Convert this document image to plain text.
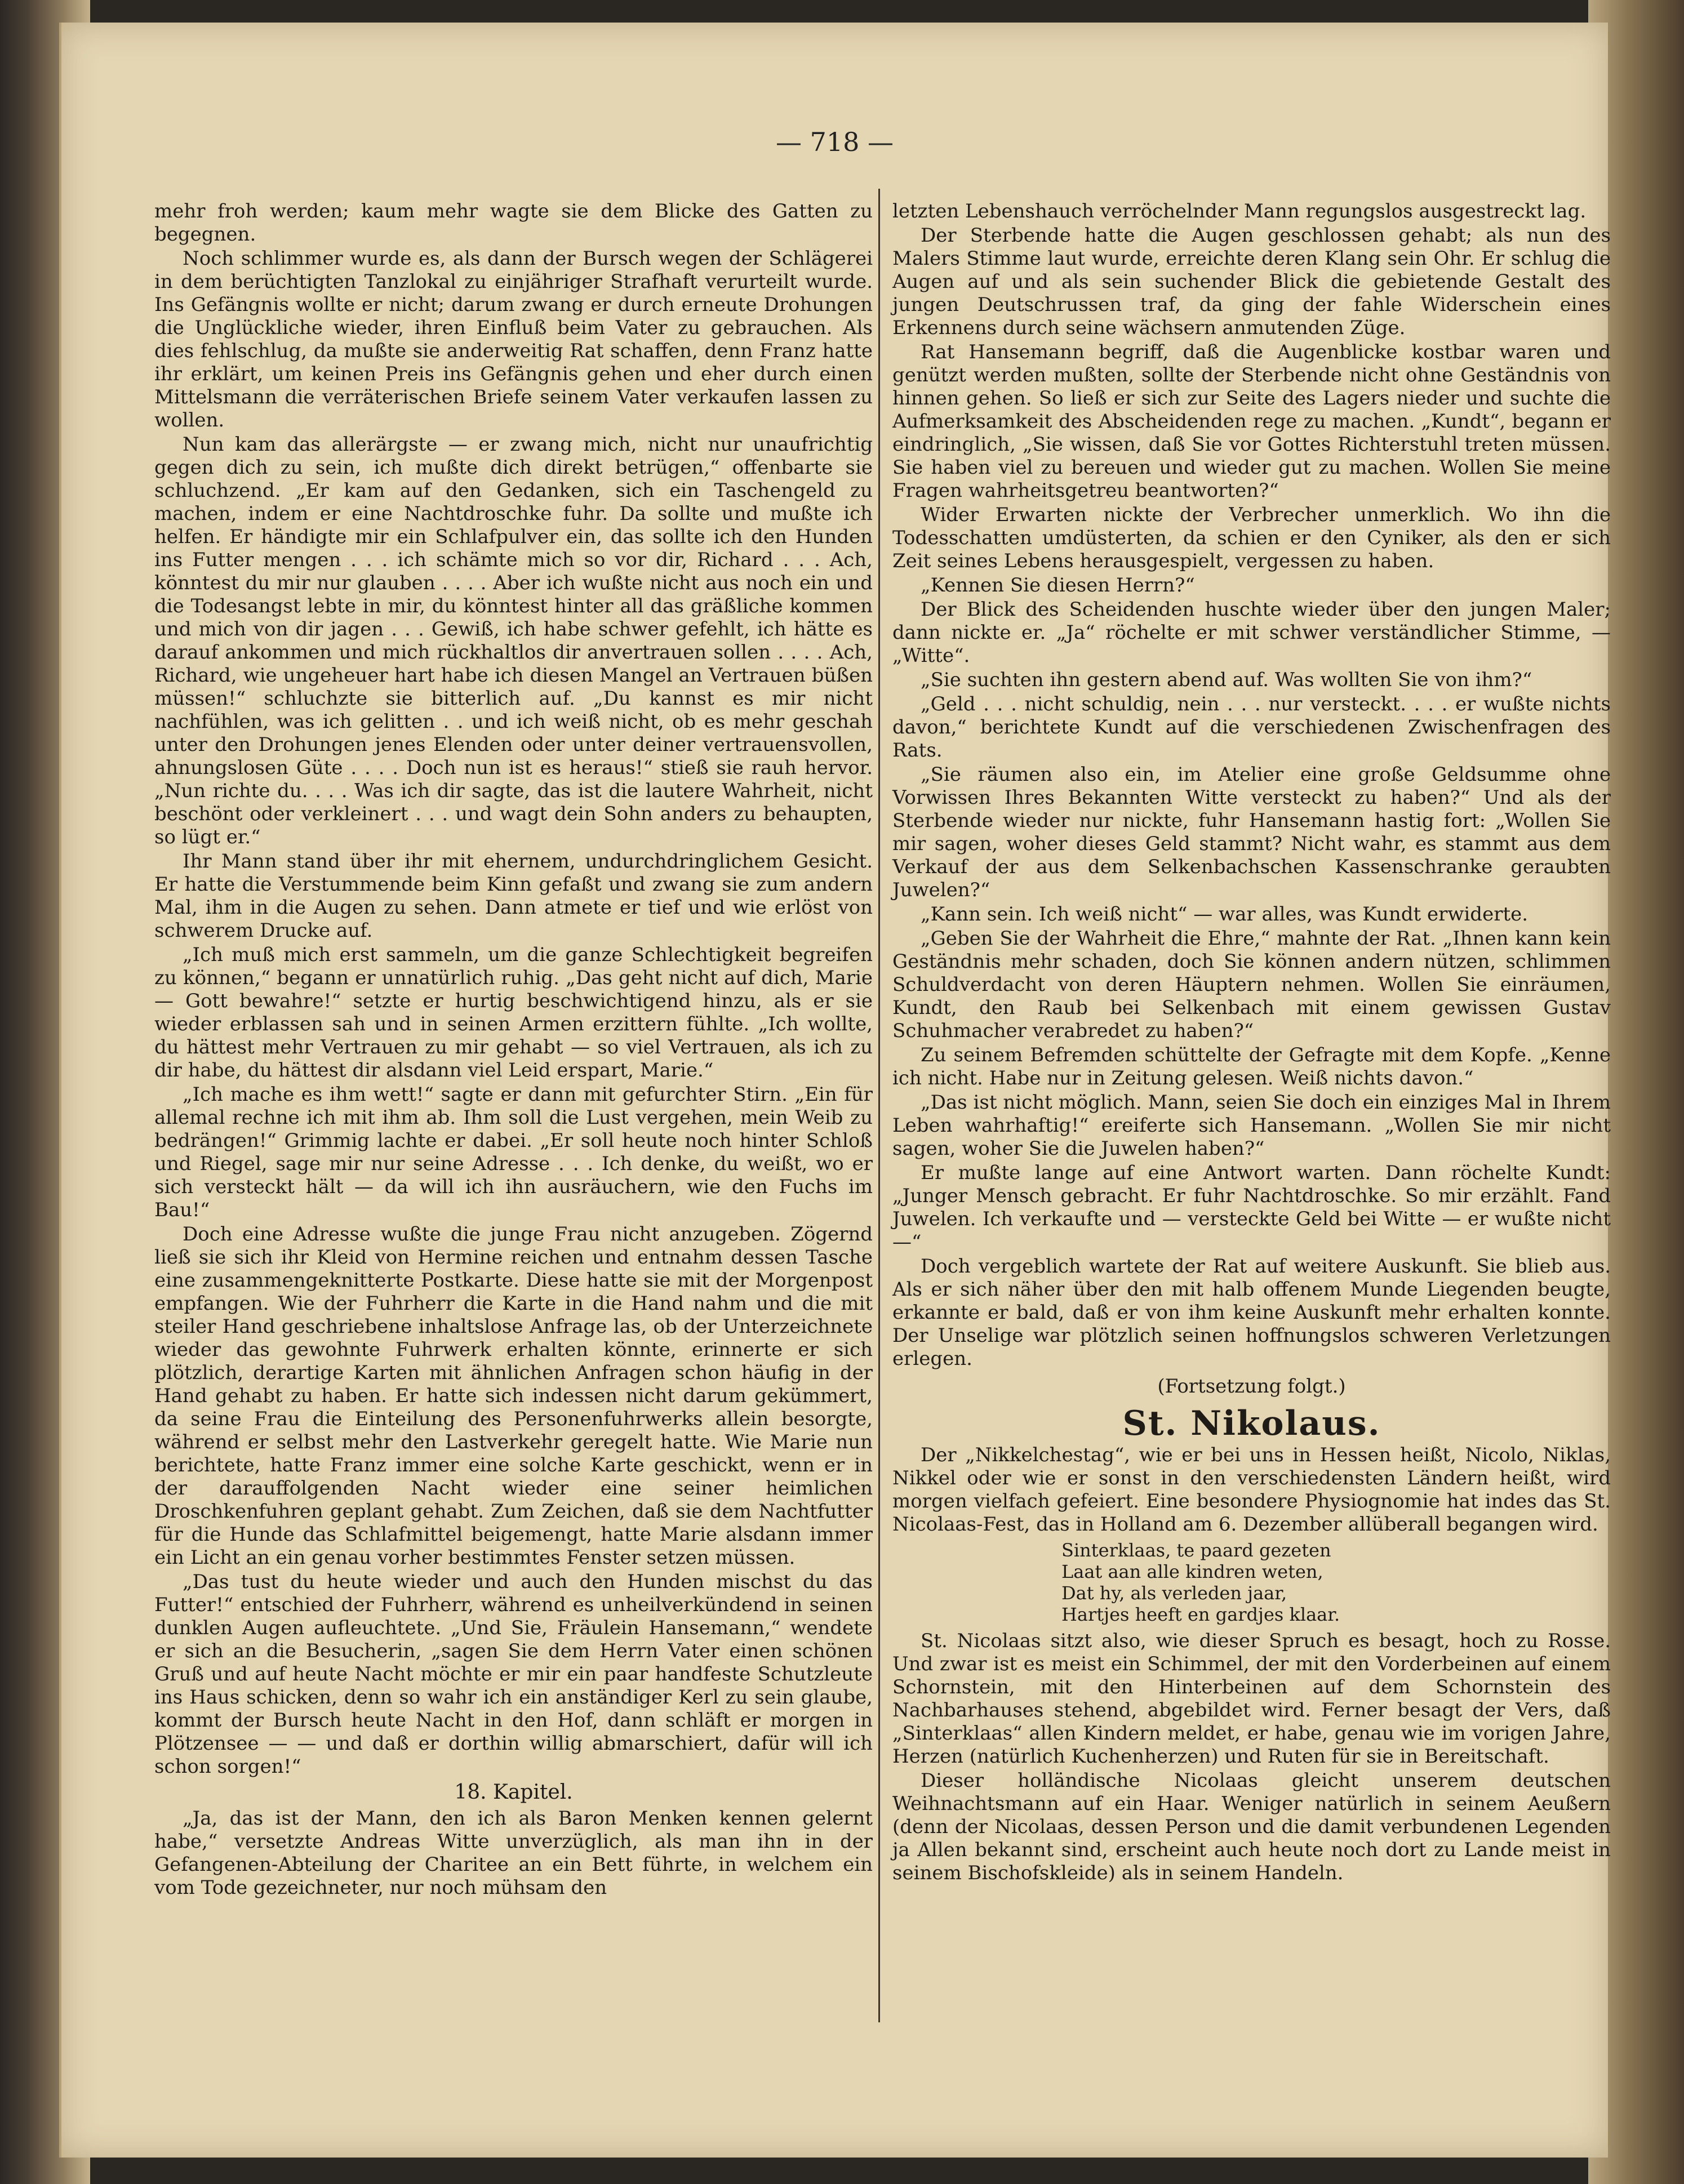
— 718 —

mehr froh werden; kaum mehr wagte sie dem Blicke des Gatten zu begegnen.

Noch schlimmer wurde es, als dann der Bursch wegen der Schlägerei in dem berüchtigten Tanzlokal zu einjähriger Strafhaft verurteilt wurde. Ins Gefängnis wollte er nicht; darum zwang er durch erneute Drohungen die Unglückliche wieder, ihren Einfluß beim Vater zu gebrauchen. Als dies fehlschlug, da mußte sie anderweitig Rat schaffen, denn Franz hatte ihr erklärt, um keinen Preis ins Gefängnis gehen und eher durch einen Mittelsmann die verräterischen Briefe seinem Vater verkaufen lassen zu wollen.

Nun kam das allerärgste — er zwang mich, nicht nur unaufrichtig gegen dich zu sein, ich mußte dich direkt betrügen,“ offenbarte sie schluchzend. „Er kam auf den Gedanken, sich ein Taschengeld zu machen, indem er eine Nachtdroschke fuhr. Da sollte und mußte ich helfen. Er händigte mir ein Schlafpulver ein, das sollte ich den Hunden ins Futter mengen . . . ich schämte mich so vor dir, Richard . . . Ach, könntest du mir nur glauben . . . . Aber ich wußte nicht aus noch ein und die Todesangst lebte in mir, du könntest hinter all das gräßliche kommen und mich von dir jagen . . . Gewiß, ich habe schwer gefehlt, ich hätte es darauf ankommen und mich rückhaltlos dir anvertrauen sollen . . . . Ach, Richard, wie ungeheuer hart habe ich diesen Mangel an Vertrauen büßen müssen!“ schluchzte sie bitterlich auf. „Du kannst es mir nicht nachfühlen, was ich gelitten . . und ich weiß nicht, ob es mehr geschah unter den Drohungen jenes Elenden oder unter deiner vertrauensvollen, ahnungslosen Güte . . . . Doch nun ist es heraus!“ stieß sie rauh hervor. „Nun richte du. . . . Was ich dir sagte, das ist die lautere Wahrheit, nicht beschönt oder verkleinert . . . und wagt dein Sohn anders zu behaupten, so lügt er.“

Ihr Mann stand über ihr mit ehernem, undurchdringlichem Gesicht. Er hatte die Verstummende beim Kinn gefaßt und zwang sie zum andern Mal, ihm in die Augen zu sehen. Dann atmete er tief und wie erlöst von schwerem Drucke auf.

„Ich muß mich erst sammeln, um die ganze Schlechtigkeit begreifen zu können,“ begann er unnatürlich ruhig. „Das geht nicht auf dich, Marie — Gott bewahre!“ setzte er hurtig beschwichtigend hinzu, als er sie wieder erblassen sah und in seinen Armen erzittern fühlte. „Ich wollte, du hättest mehr Vertrauen zu mir gehabt — so viel Vertrauen, als ich zu dir habe, du hättest dir alsdann viel Leid erspart, Marie.“

„Ich mache es ihm wett!“ sagte er dann mit gefurchter Stirn. „Ein für allemal rechne ich mit ihm ab. Ihm soll die Lust vergehen, mein Weib zu bedrängen!“ Grimmig lachte er dabei. „Er soll heute noch hinter Schloß und Riegel, sage mir nur seine Adresse . . . Ich denke, du weißt, wo er sich versteckt hält — da will ich ihn ausräuchern, wie den Fuchs im Bau!“

Doch eine Adresse wußte die junge Frau nicht anzugeben. Zögernd ließ sie sich ihr Kleid von Hermine reichen und entnahm dessen Tasche eine zusammengeknitterte Postkarte. Diese hatte sie mit der Morgenpost empfangen. Wie der Fuhrherr die Karte in die Hand nahm und die mit steiler Hand geschriebene inhaltslose Anfrage las, ob der Unterzeichnete wieder das gewohnte Fuhrwerk erhalten könnte, erinnerte er sich plötzlich, derartige Karten mit ähnlichen Anfragen schon häufig in der Hand gehabt zu haben. Er hatte sich indessen nicht darum gekümmert, da seine Frau die Einteilung des Personenfuhrwerks allein besorgte, während er selbst mehr den Lastverkehr geregelt hatte. Wie Marie nun berichtete, hatte Franz immer eine solche Karte geschickt, wenn er in der darauffolgenden Nacht wieder eine seiner heimlichen Droschkenfuhren geplant gehabt. Zum Zeichen, daß sie dem Nachtfutter für die Hunde das Schlafmittel beigemengt, hatte Marie alsdann immer ein Licht an ein genau vorher bestimmtes Fenster setzen müssen.

„Das tust du heute wieder und auch den Hunden mischst du das Futter!“ entschied der Fuhrherr, während es unheilverkündend in seinen dunklen Augen aufleuchtete. „Und Sie, Fräulein Hansemann,“ wendete er sich an die Besucherin, „sagen Sie dem Herrn Vater einen schönen Gruß und auf heute Nacht möchte er mir ein paar handfeste Schutzleute ins Haus schicken, denn so wahr ich ein anständiger Kerl zu sein glaube, kommt der Bursch heute Nacht in den Hof, dann schläft er morgen in Plötzensee — — und daß er dorthin willig abmarschiert, dafür will ich schon sorgen!“

18. Kapitel.

„Ja, das ist der Mann, den ich als Baron Menken kennen gelernt habe,“ versetzte Andreas Witte unverzüglich, als man ihn in der Gefangenen-Abteilung der Charitee an ein Bett führte, in welchem ein vom Tode gezeichneter, nur noch mühsam den

letzten Lebenshauch verröchelnder Mann regungslos ausgestreckt lag.

Der Sterbende hatte die Augen geschlossen gehabt; als nun des Malers Stimme laut wurde, erreichte deren Klang sein Ohr. Er schlug die Augen auf und als sein suchender Blick die gebietende Gestalt des jungen Deutschrussen traf, da ging der fahle Widerschein eines Erkennens durch seine wächsern anmutenden Züge.

Rat Hansemann begriff, daß die Augenblicke kostbar waren und genützt werden mußten, sollte der Sterbende nicht ohne Geständnis von hinnen gehen. So ließ er sich zur Seite des Lagers nieder und suchte die Aufmerksamkeit des Abscheidenden rege zu machen. „Kundt“, begann er eindringlich, „Sie wissen, daß Sie vor Gottes Richterstuhl treten müssen. Sie haben viel zu bereuen und wieder gut zu machen. Wollen Sie meine Fragen wahrheitsgetreu beantworten?“

Wider Erwarten nickte der Verbrecher unmerklich. Wo ihn die Todesschatten umdüsterten, da schien er den Cyniker, als den er sich Zeit seines Lebens herausgespielt, vergessen zu haben.

„Kennen Sie diesen Herrn?“

Der Blick des Scheidenden huschte wieder über den jungen Maler; dann nickte er. „Ja“ röchelte er mit schwer verständlicher Stimme, — „Witte“.

„Sie suchten ihn gestern abend auf. Was wollten Sie von ihm?“

„Geld . . . nicht schuldig, nein . . . nur versteckt. . . . er wußte nichts davon,“ berichtete Kundt auf die verschiedenen Zwischenfragen des Rats.

„Sie räumen also ein, im Atelier eine große Geldsumme ohne Vorwissen Ihres Bekannten Witte versteckt zu haben?“ Und als der Sterbende wieder nur nickte, fuhr Hansemann hastig fort: „Wollen Sie mir sagen, woher dieses Geld stammt? Nicht wahr, es stammt aus dem Verkauf der aus dem Selkenbachschen Kassenschranke geraubten Juwelen?“

„Kann sein. Ich weiß nicht“ — war alles, was Kundt erwiderte.

„Geben Sie der Wahrheit die Ehre,“ mahnte der Rat. „Ihnen kann kein Geständnis mehr schaden, doch Sie können andern nützen, schlimmen Schuldverdacht von deren Häuptern nehmen. Wollen Sie einräumen, Kundt, den Raub bei Selkenbach mit einem gewissen Gustav Schuhmacher verabredet zu haben?“

Zu seinem Befremden schüttelte der Gefragte mit dem Kopfe. „Kenne ich nicht. Habe nur in Zeitung gelesen. Weiß nichts davon.“

„Das ist nicht möglich. Mann, seien Sie doch ein einziges Mal in Ihrem Leben wahrhaftig!“ ereiferte sich Hansemann. „Wollen Sie mir nicht sagen, woher Sie die Juwelen haben?“

Er mußte lange auf eine Antwort warten. Dann röchelte Kundt: „Junger Mensch gebracht. Er fuhr Nachtdroschke. So mir erzählt. Fand Juwelen. Ich verkaufte und — versteckte Geld bei Witte — er wußte nicht —“

Doch vergeblich wartete der Rat auf weitere Auskunft. Sie blieb aus. Als er sich näher über den mit halb offenem Munde Liegenden beugte, erkannte er bald, daß er von ihm keine Auskunft mehr erhalten konnte. Der Unselige war plötzlich seinen hoffnungslos schweren Verletzungen erlegen.

(Fortsetzung folgt.)
St. Nikolaus.

Der „Nikkelchestag“, wie er bei uns in Hessen heißt, Nicolo, Niklas, Nikkel oder wie er sonst in den verschiedensten Ländern heißt, wird morgen vielfach gefeiert. Eine besondere Physiognomie hat indes das St. Nicolaas-Fest, das in Holland am 6. Dezember allüberall begangen wird.

Sinterklaas, te paard gezeten
Laat aan alle kindren weten,
Dat hy, als verleden jaar,
Hartjes heeft en gardjes klaar.

St. Nicolaas sitzt also, wie dieser Spruch es besagt, hoch zu Rosse. Und zwar ist es meist ein Schimmel, der mit den Vorderbeinen auf einem Schornstein, mit den Hinterbeinen auf dem Schornstein des Nachbarhauses stehend, abgebildet wird. Ferner besagt der Vers, daß „Sinterklaas“ allen Kindern meldet, er habe, genau wie im vorigen Jahre, Herzen (natürlich Kuchenherzen) und Ruten für sie in Bereitschaft.

Dieser holländische Nicolaas gleicht unserem deutschen Weihnachtsmann auf ein Haar. Weniger natürlich in seinem Aeußern (denn der Nicolaas, dessen Person und die damit verbundenen Legenden ja Allen bekannt sind, erscheint auch heute noch dort zu Lande meist in seinem Bischofskleide) als in seinem Handeln.
